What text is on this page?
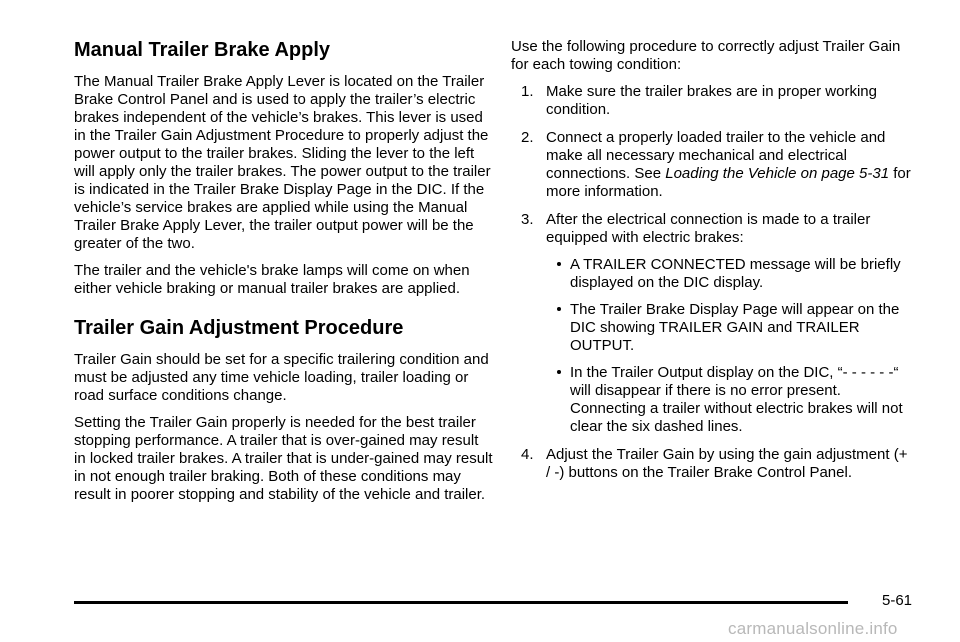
Manual Trailer Brake Apply

The Manual Trailer Brake Apply Lever is located on the Trailer Brake Control Panel and is used to apply the trailer’s electric brakes independent of the vehicle’s brakes. This lever is used in the Trailer Gain Adjustment Procedure to properly adjust the power output to the trailer brakes. Sliding the lever to the left will apply only the trailer brakes. The power output to the trailer is indicated in the Trailer Brake Display Page in the DIC. If the vehicle’s service brakes are applied while using the Manual Trailer Brake Apply Lever, the trailer output power will be the greater of the two.

The trailer and the vehicle's brake lamps will come on when either vehicle braking or manual trailer brakes are applied.

Trailer Gain Adjustment Procedure

Trailer Gain should be set for a specific trailering condition and must be adjusted any time vehicle loading, trailer loading or road surface conditions change.

Setting the Trailer Gain properly is needed for the best trailer stopping performance. A trailer that is over-gained may result in locked trailer brakes. A trailer that is under-gained may result in not enough trailer braking. Both of these conditions may result in poorer stopping and stability of the vehicle and trailer.

Use the following procedure to correctly adjust Trailer Gain for each towing condition:

1. Make sure the trailer brakes are in proper working condition.
2. Connect a properly loaded trailer to the vehicle and make all necessary mechanical and electrical connections. See Loading the Vehicle on page 5-31 for more information.
3. After the electrical connection is made to a trailer equipped with electric brakes:
A TRAILER CONNECTED message will be briefly displayed on the DIC display.
The Trailer Brake Display Page will appear on the DIC showing TRAILER GAIN and TRAILER OUTPUT.
In the Trailer Output display on the DIC, “- - - - - -“ will disappear if there is no error present. Connecting a trailer without electric brakes will not clear the six dashed lines.
4. Adjust the Trailer Gain by using the gain adjustment (+ / -) buttons on the Trailer Brake Control Panel.
5-61
carmanualsonline.info
